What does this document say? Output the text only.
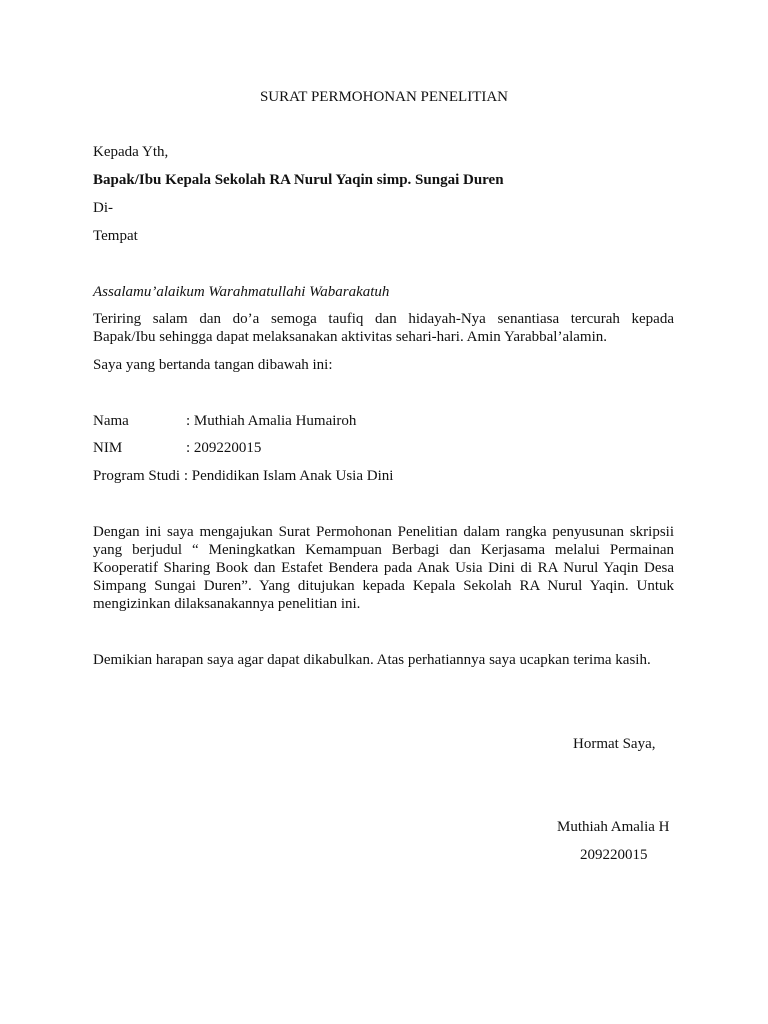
SURAT PERMOHONAN PENELITIAN
Kepada Yth,
Bapak/Ibu Kepala Sekolah RA Nurul Yaqin simp. Sungai Duren
Di-
Tempat
Assalamu’alaikum Warahmatullahi Wabarakatuh
Teriring salam dan do’a semoga taufiq dan hidayah-Nya senantiasa tercurah kepada
Bapak/Ibu sehingga dapat melaksanakan aktivitas sehari-hari. Amin Yarabbal’alamin.
Saya yang bertanda tangan dibawah ini:
Nama	: Muthiah Amalia Humairoh
NIM	: 209220015
Program Studi : Pendidikan Islam Anak Usia Dini
Dengan ini saya mengajukan Surat Permohonan Penelitian dalam rangka penyusunan skripsii
yang berjudul “ Meningkatkan Kemampuan Berbagi dan Kerjasama melalui Permainan
Kooperatif Sharing Book dan Estafet Bendera pada Anak Usia Dini di RA Nurul Yaqin Desa
Simpang Sungai Duren”. Yang ditujukan kepada Kepala Sekolah RA Nurul Yaqin. Untuk
mengizinkan dilaksanakannya penelitian ini.
Demikian harapan saya agar dapat dikabulkan. Atas perhatiannya saya ucapkan terima kasih.
Hormat Saya,
Muthiah Amalia H
209220015
